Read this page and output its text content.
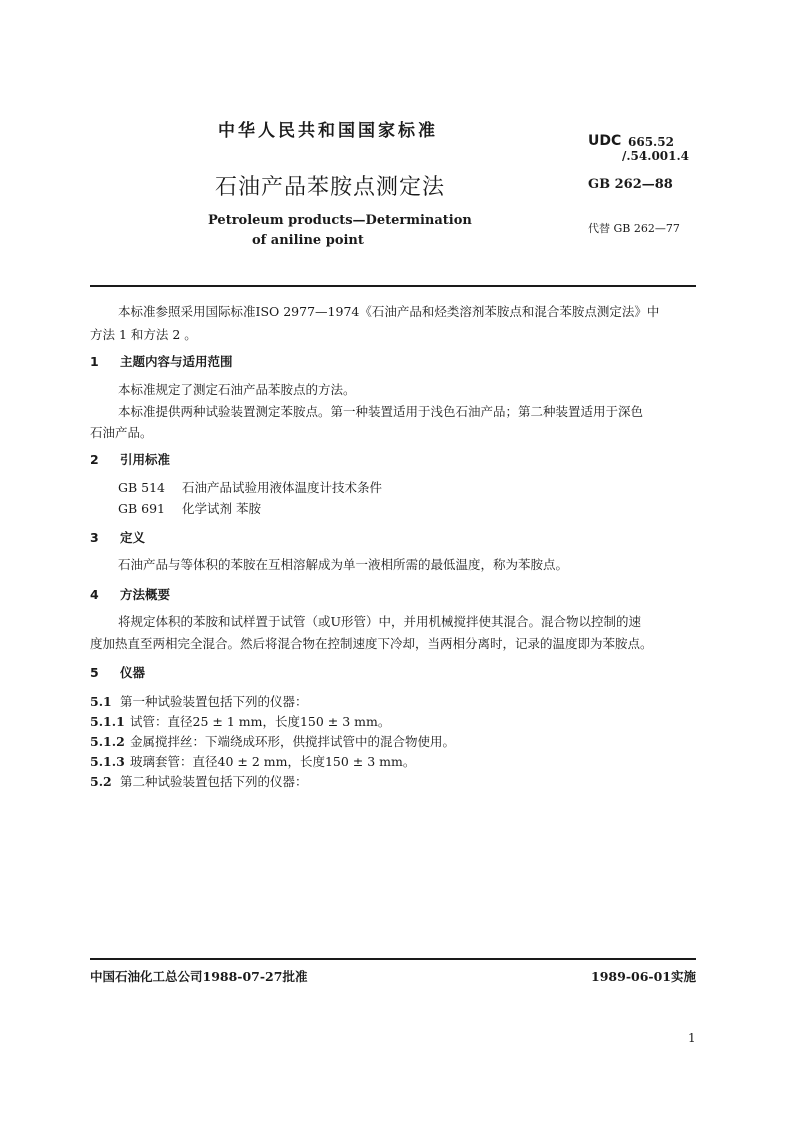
中华人民共和国国家标准	UDC 665.52
/.54.001.4
石油产品苯胺点测定法	GB 262—88
Petroleum products—Determination
of aniline point
代替 GB 262—77
本标准参照采用国际标准ISO 2977—1974《石油产品和烃类溶剂苯胺点和混合苯胺点测定法》中
方法 1 和方法 2 。
1 主题内容与适用范围
本标准规定了测定石油产品苯胺点的方法。
本标准提供两种试验装置测定苯胺点。第一种装置适用于浅色石油产品；第二种装置适用于深色
石油产品。
2 引用标准
GB 514 石油产品试验用液体温度计技术条件
GB 691 化学试剂 苯胺
3 定义
石油产品与等体积的苯胺在互相溶解成为单一液相所需的最低温度，称为苯胺点。
4 方法概要
将规定体积的苯胺和试样置于试管（或U形管）中，并用机械搅拌使其混合。混合物以控制的速
度加热直至两相完全混合。然后将混合物在控制速度下冷却，当两相分离时，记录的温度即为苯胺点。
5 仪器
5.1 第一种试验装置包括下列的仪器：
5.1.1 试管：直径25 ± 1 mm，长度150 ± 3 mm。
5.1.2 金属搅拌丝：下端绕成环形，供搅拌试管中的混合物使用。
5.1.3 玻璃套管：直径40 ± 2 mm，长度150 ± 3 mm。
5.2 第二种试验装置包括下列的仪器：
中国石油化工总公司1988-07-27批准	1989-06-01实施
1
